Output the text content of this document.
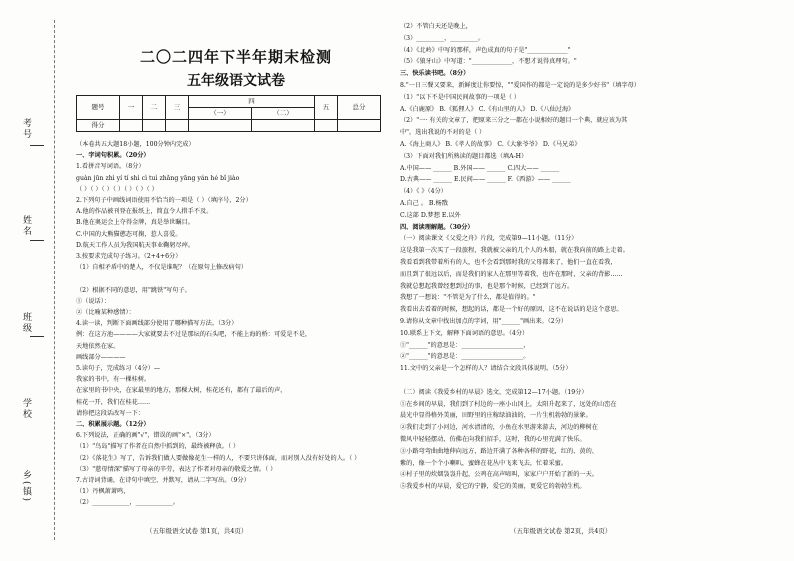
考号
姓名
班级
学校
乡(镇)
二〇二四年下半年期末检测
五年级语文试卷
题号	一	二	三	四		五	总分
				（一）	（二）		
得分							
（本卷共五大题18小题，100分钟内完成）
一、字词句积累。（20分）
1.看拼音写词语。（8分）
guàn jūn zhì yí tí shì cì tuì zhǎng yāng yán hé bǐ jiào
（ ）（ ）（ ）（ ）（ ）（ ）（ ）
2.下列句子中画线词语使用不恰当的一项是（ ）（填序号，2分）
A.他的作品被刊登在报纸上，简直令人措手不及。
B.他在奥运会上夺得金牌，真是举世瞩目。
C.中国的大熊猫憨态可掬，惹人喜爱。
D.航天工作人员为我国航天事业鞠躬尽瘁。
3.按要求完成句子练习。（2+4+6分）
（1）自相矛盾中的楚人，不仅是谁呢？（在原句上修改病句）
（2）根据不同的意思，用"跳铁"写句子。
①（说话）：
②（比喻某种感情）：
4.读一读，判断下面画线部分使用了哪种描写方法。（3分）
例：在这方池————大家就要去不过是那坛的石头吧，不能上海的桥：可爱是不是，
天地依然在家。
画线部分————
5.读句子，完成练习（4分）—
我家的书中，有一棵桂树。
在家里的书中央，在家最里的地方，那棵大树，桂花还有，都有了最后的声，
桂花一开，我们在桂花……
请你把这段话改写一下：
二、积累展示题。（12分）
6.下列说法，正确的画"√"，错误的画"×"。（3分）
（1）"鸟岛"描写了作者在自然中抓到的，最终被释放。（ ）
（2）《落花生》写了，告诉我们做人要做像花生一样的人，不要只讲体面，而对别人没有好处的人。（ ）
（3）"慈母情深"描写了母亲的辛劳，表达了作者对母亲的敬爱之情。（ ）
7.古诗词背诵，在诗句中填空、并默写，请从二字写出。（9分）
（1）丹枫萧萧鸣，
（2）____________，____________。
（五年级语文试卷 第1页，共4页）
（2）不管白天还是晚上，
（3）_________，_________。
（4）《北岭》中写的那样，声色成真的句子是"_____________"
（5）《狼牙山》中写道："_____________，不想才说得真理句。"
三、快乐读书吧。（8分）
8."一日三餐又要来，新鲜度让你要惊，""爱国作的都是一定说的是多少好书"（填字母）
（1）"以下不是中国民间故事的一项是（ ）
A.《白鹿原》 B.《狐狸人》 C.《有山里的人》 D.《八仙过海》
（2）"一· 有关的文章了，把原来三分之一都在小说相好的题目一个典，就应该为其
中"，选出我说的不对的是（ ）
A.《海上商人》 B.《孝人的故事》 C.《大象爷爷》 D.《马兄弟》
（3）下面对我们所熟读的题目都选（填A-H）
A.中国—— ______ B.外国—— ______ C.四大—— ______
D.古典—— ______ E.民间—— ______ F.《西游》—— ______
（4）《 》（4分）
A.自己 。 B.杨戬
C.这部 D.梦想 E.以外
四、阅读理解题。（30分）
（一）阅读课文《父爱之舟》片段，完成第9—11小题。（11分）
这是我第一次买了一段旅程，我就被父亲的几个人的木船，就在我向前的路上走着。
我看看到我带着所有的人，也不会看到那时我的父母都来了，他们一直在看我，
而且到了很远以后，而是我们的家人在那里等着我，也许在那时，父亲的背影……
我就总想起我曾经想到过的事，也是那个时候，已经到了远方。
我想了一想说："不管是为了什么，都是值得的。"
我看出去看着的时候，想起的话，都是一个好的原因，这不在说话的是这个意思。
9.请你从文章中找出加点的字词，用"______"画出来。（2分）
10.联系上下文，解释下面词语的意思。（4分）
①"______"的意思是：____________________，
②"______"的意思是：____________________。
11.文中的父亲是一个怎样的人？请结合文段具体说明。（5分）
（二）阅读《我爱乡村的早晨》选文，完成第12—17小题。（19分）
①在乡间的早晨，我们到了村边的一座小山冈上，太阳升起来了，远处的山峦在
晨光中显得格外美丽，田野里的庄稼绿油油的，一片生机勃勃的景象。
②我们走到了小河边，河水清清的，小鱼在水里游来游去，河边的柳树在
微风中轻轻摆动，仿佛在向我们招手，这时，我的心里充满了快乐。
③小路弯弯曲曲地伸向远方，路边开满了各种各样的野花，红的、黄的、
紫的，像一个个小喇叭，蜜蜂在花丛中飞来飞去，忙着采蜜。
④村子里的炊烟袅袅升起，公鸡在高声啼叫，家家户户开始了新的一天。
⑤我爱乡村的早晨，爱它的宁静，爱它的美丽，更爱它的勃勃生机。
（五年级语文试卷 第2页，共4页）
